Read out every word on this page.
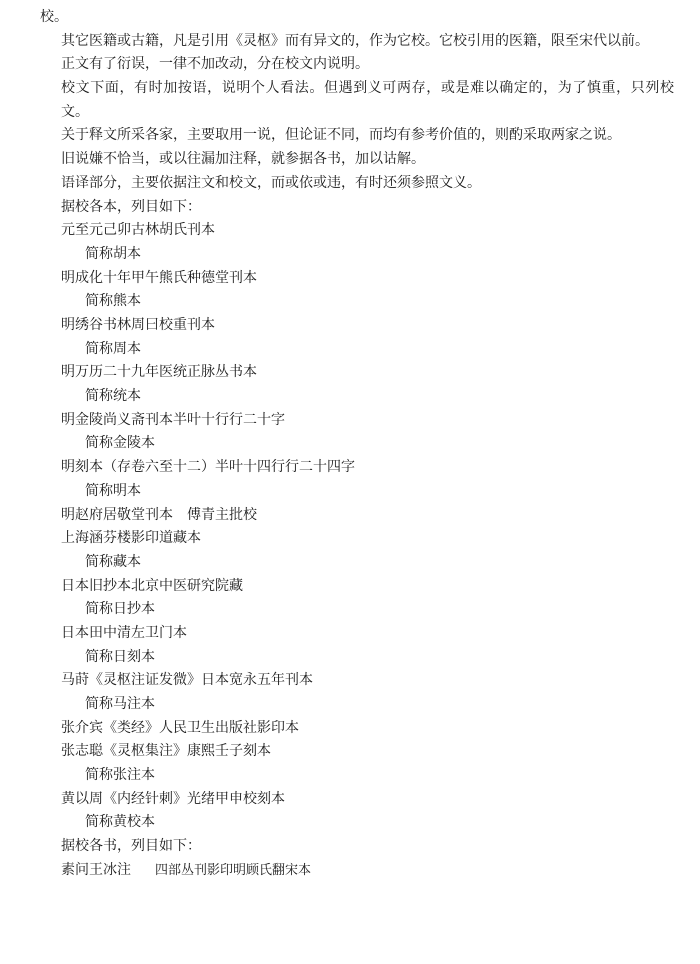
校。
其它医籍或古籍，凡是引用《灵枢》而有异文的，作为它校。它校引用的医籍，限至宋代以前。
正文有了衍误，一律不加改动，分在校文内说明。
校文下面，有时加按语，说明个人看法。但遇到义可两存，或是难以确定的，为了慎重，只列校文。
关于释文所采各家，主要取用一说，但论证不同，而均有参考价值的，则酌采取两家之说。
旧说嫌不恰当，或以往漏加注释，就参据各书，加以诂解。
语译部分，主要依据注文和校文，而或依或违，有时还须参照文义。
据校各本，列目如下：
元至元己卯古林胡氏刊本
简称胡本
明成化十年甲午熊氏种德堂刊本
简称熊本
明绣谷书林周曰校重刊本
简称周本
明万历二十九年医统正脉丛书本
简称统本
明金陵尚义斋刊本半叶十行行二十字
简称金陵本
明刻本（存卷六至十二）半叶十四行行二十四字
简称明本
明赵府居敬堂刊本　傅青主批校
上海涵芬楼影印道藏本
简称藏本
日本旧抄本北京中医研究院藏
简称日抄本
日本田中清左卫门本
简称日刻本
马莳《灵枢注证发微》日本宽永五年刊本
简称马注本
张介宾《类经》人民卫生出版社影印本
张志聪《灵枢集注》康熙壬子刻本
简称张注本
黄以周《内经针刺》光绪甲申校刻本
简称黄校本
据校各书，列目如下：
素问王冰注 四部丛刊影印明顾氏翻宋本
